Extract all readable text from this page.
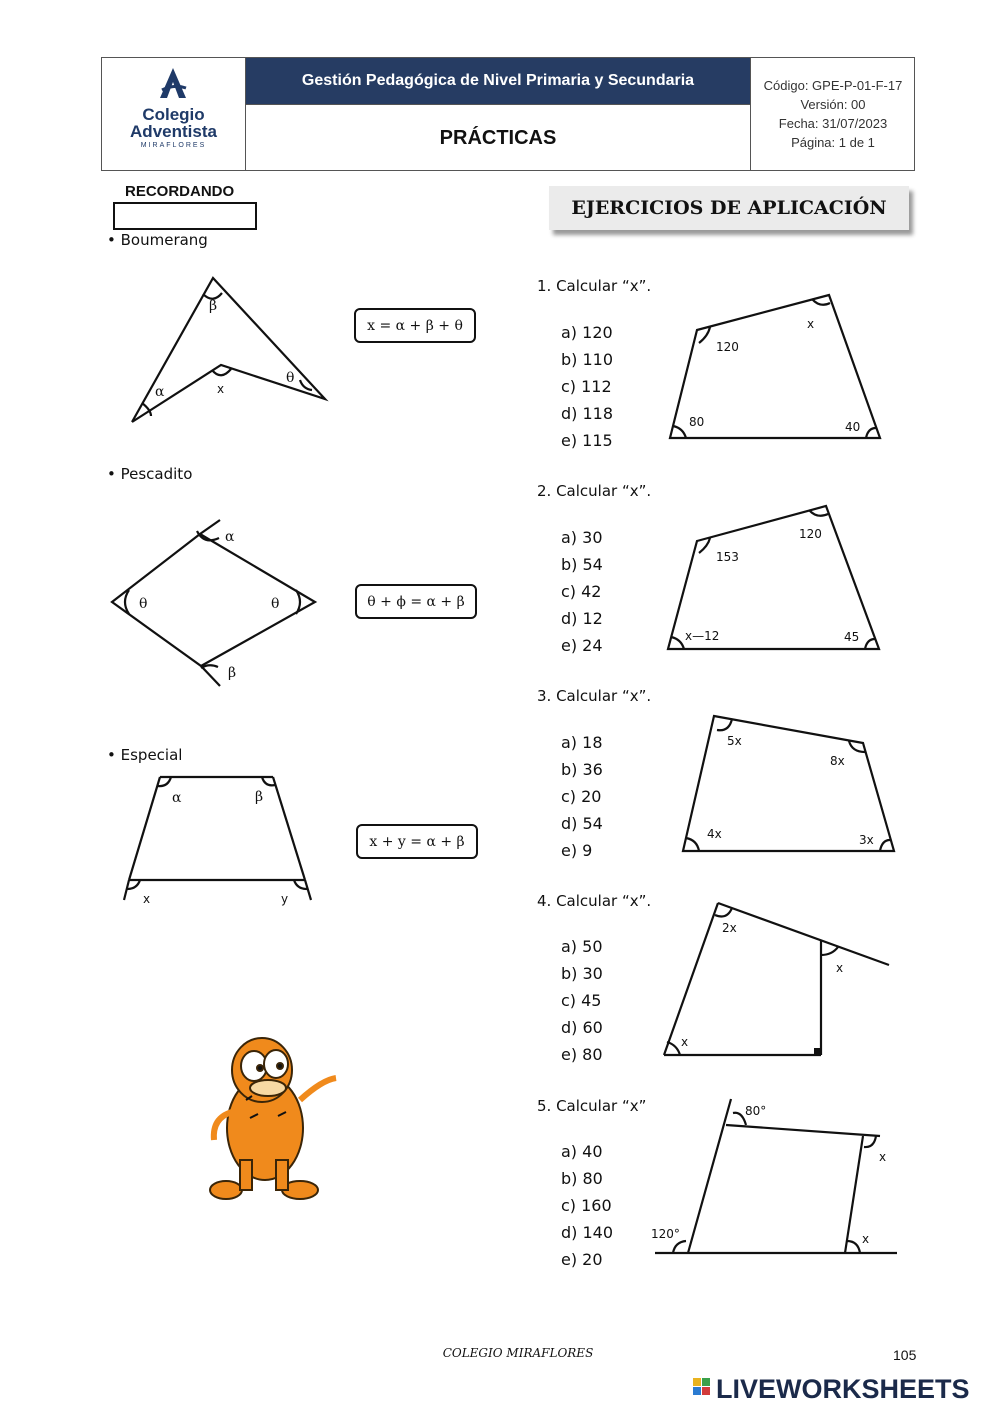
Colegio
Adventista
MIRAFLORES
Gestión Pedagógica de Nivel Primaria y Secundaria
PRÁCTICAS
Código: GPE-P-01-F-17
Versión: 00
Fecha: 31/07/2023
Página: 1 de 1
RECORDANDO
• Boumerang
• Pescadito
• Especial
x = α + β + θ
θ + ϕ = α + β
x + y = α + β
β
α	x
θ
α
θ	θ
β
α	β
x	y
EJERCICIOS DE APLICACIÓN
1. Calcular “x”.
a) 120
b) 110
c) 112
d) 118
e) 115
120
x
80	40
2. Calcular “x”.
a) 30
b) 54
c) 42
d) 12
e) 24
153
120
x—12	45
3. Calcular “x”.
a) 18
b) 36
c) 20
d) 54
e) 9
5x
8x
4x	3x
4. Calcular “x”.
a) 50
b) 30
c) 45
d) 60
e) 80
2x
x
x
5. Calcular “x”
a) 40
b) 80
c) 160
d) 140
e) 20
80°
x
120°	x
COLEGIO MIRAFLORES	105
LIVEWORKSHEETS
